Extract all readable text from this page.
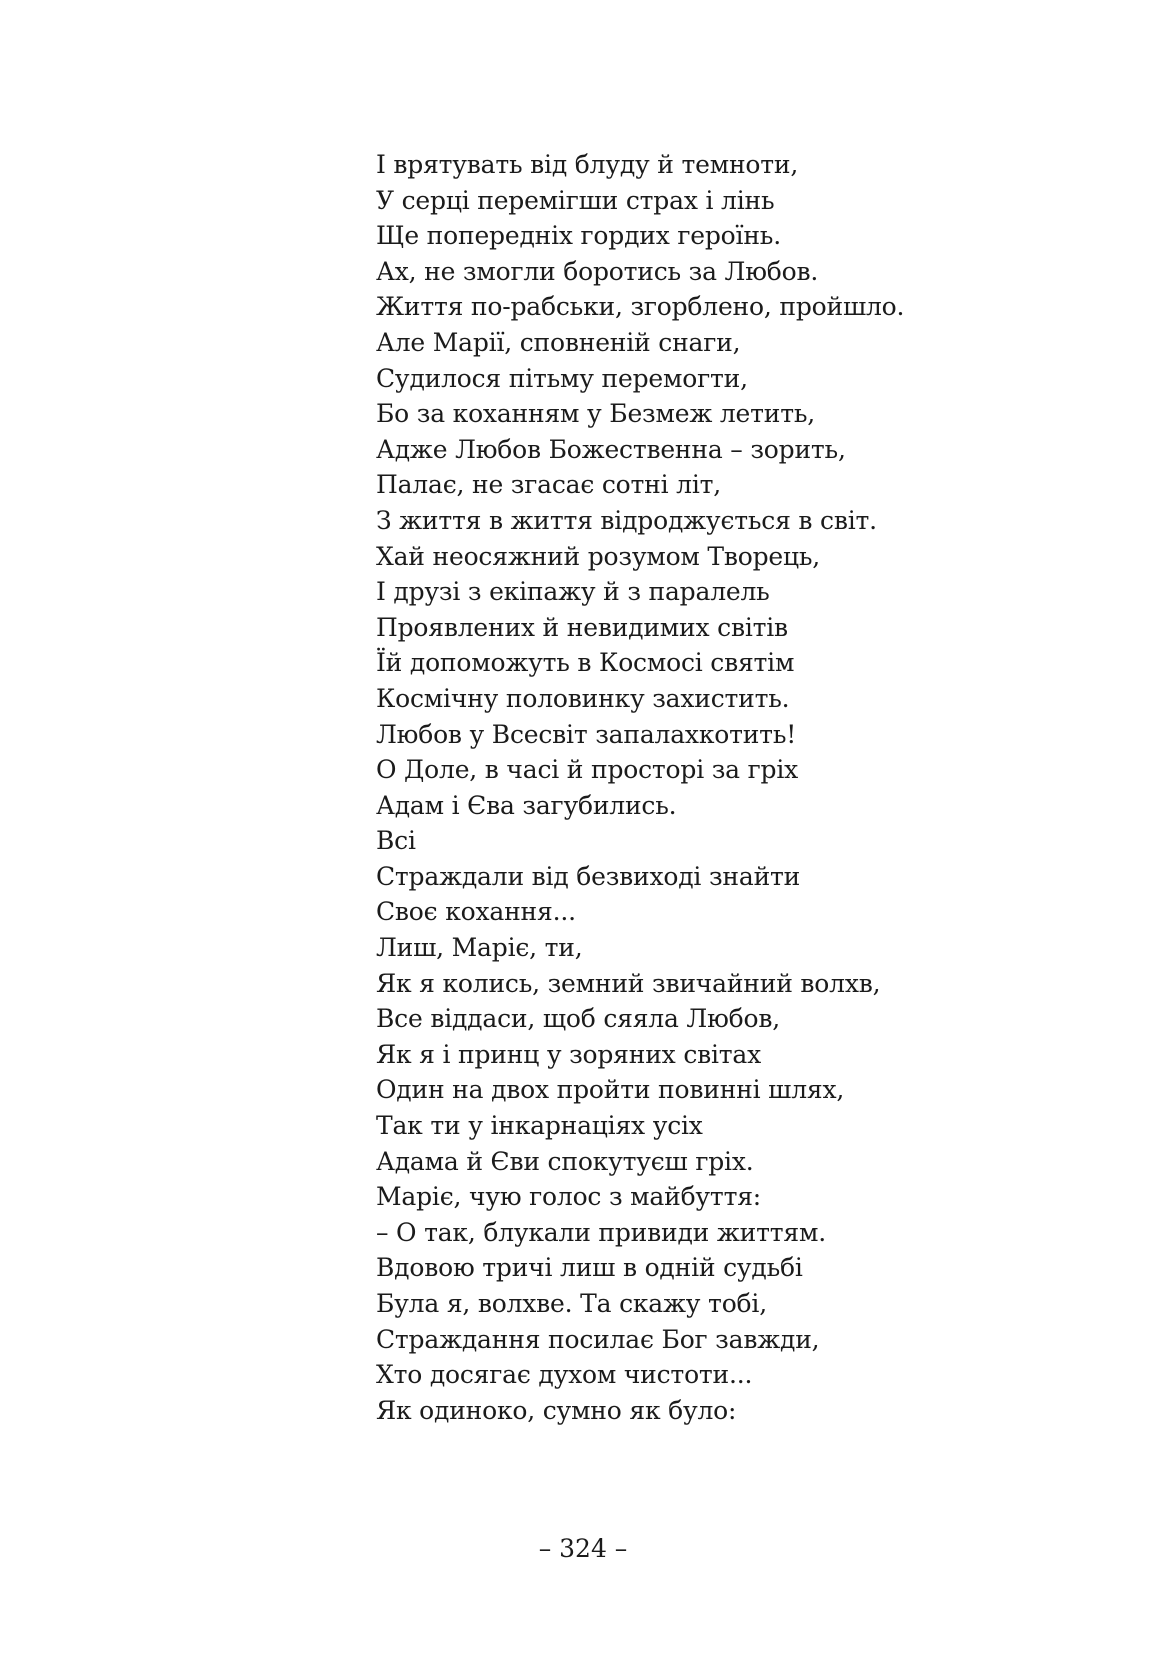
І врятувать від блуду й темноти,
У серці перемігши страх і лінь
Ще попередніх гордих героїнь.
Ах, не змогли боротись за Любов.
Життя по-рабськи, згорблено, пройшло.
Але Марії, сповненій снаги,
Судилося пітьму перемогти,
Бо за коханням у Безмеж летить,
Адже Любов Божественна – зорить,
Палає, не згасає сотні літ,
З життя в життя відроджується в світ.
Хай неосяжний розумом Творець,
І друзі з екіпажу й з паралель
Проявлених й невидимих світів
Їй допоможуть в Космосі святім
Космічну половинку захистить.
Любов у Всесвіт запалахкотить!
О Доле, в часі й просторі за гріх
Адам і Єва загубились.
Всі
Страждали від безвиході знайти
Своє кохання...
Лиш, Маріє, ти,
Як я колись, земний звичайний волхв,
Все віддаси, щоб сяяла Любов,
Як я і принц у зоряних світах
Один на двох пройти повинні шлях,
Так ти у інкарнаціях усіх
Адама й Єви спокутуєш гріх.
Маріє, чую голос з майбуття:
– О так, блукали привиди життям.
Вдовою тричі лиш в одній судьбі
Була я, волхве. Та скажу тобі,
Страждання посилає Бог завжди,
Хто досягає духом чистоти...
Як одиноко, сумно як було:
– 324 –
